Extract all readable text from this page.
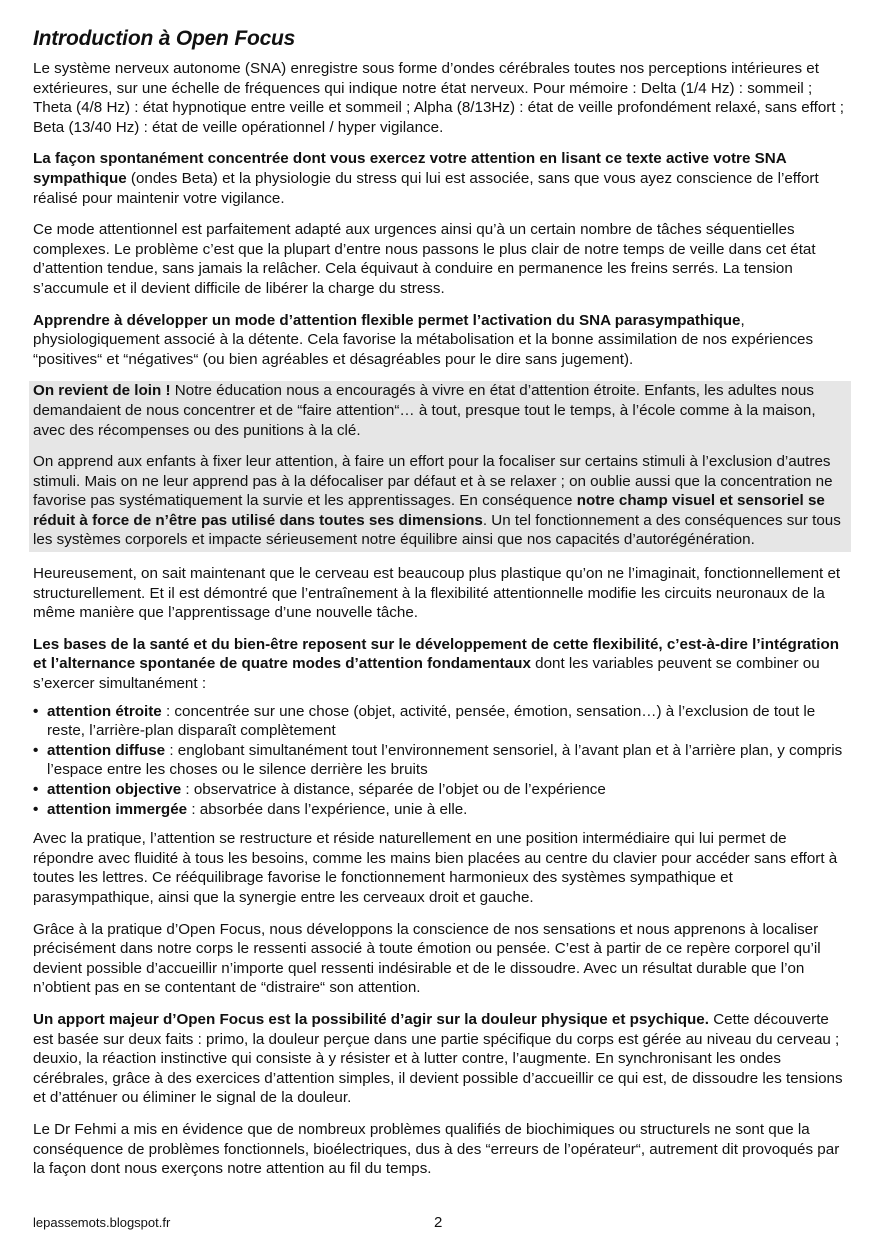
Introduction à Open Focus

Le système nerveux autonome (SNA) enregistre sous forme d’ondes cérébrales toutes nos perceptions intérieures et extérieures, sur une échelle de fréquences qui indique notre état nerveux. Pour mémoire : Delta (1/4 Hz) : sommeil ; Theta (4/8 Hz) : état hypnotique entre veille et sommeil ; Alpha (8/13Hz) : état de veille profondément relaxé, sans effort ; Beta (13/40 Hz) : état de veille opérationnel / hyper vigilance.

La façon spontanément concentrée dont vous exercez votre attention en lisant ce texte active votre SNA sympathique (ondes Beta) et la physiologie du stress qui lui est associée, sans que vous ayez conscience de l’effort réalisé pour maintenir votre vigilance.

Ce mode attentionnel est parfaitement adapté aux urgences ainsi qu’à un certain nombre de tâches séquentielles complexes. Le problème c’est que la plupart d’entre nous passons le plus clair de notre temps de veille dans cet état d’attention tendue, sans jamais la relâcher. Cela équivaut à conduire en permanence les freins serrés. La tension s’accumule et il devient difficile de libérer la charge du stress.

Apprendre à développer un mode d’attention flexible permet l’activation du SNA parasympathique, physiologiquement associé à la détente. Cela favorise la métabolisation et la bonne assimilation de nos expériences “positives“ et “négatives“ (ou bien agréables et désagréables pour le dire sans jugement).

On revient de loin ! Notre éducation nous a encouragés à vivre en état d’attention étroite. Enfants, les adultes nous demandaient de nous concentrer et de “faire attention“… à tout, presque tout le temps, à l’école comme à la maison, avec des récompenses ou des punitions à la clé.

On apprend aux enfants à fixer leur attention, à faire un effort pour la focaliser sur certains stimuli à l’exclusion d’autres stimuli. Mais on ne leur apprend pas à la défocaliser par défaut et à se relaxer ; on oublie aussi que la concentration ne favorise pas systématiquement la survie et les apprentissages. En conséquence notre champ visuel et sensoriel se réduit à force de n’être pas utilisé dans toutes ses dimensions. Un tel fonctionnement a des conséquences sur tous les systèmes corporels et impacte sérieusement notre équilibre ainsi que nos capacités d’autorégénération.

Heureusement, on sait maintenant que le cerveau est beaucoup plus plastique qu’on ne l’imaginait, fonctionnellement et structurellement. Et il est démontré que l’entraînement à la flexibilité attentionnelle modifie les circuits neuronaux de la même manière que l’apprentissage d’une nouvelle tâche.

Les bases de la santé et du bien-être reposent sur le développement de cette flexibilité, c’est-à-dire l’intégration et l’alternance spontanée de quatre modes d’attention fondamentaux dont les variables peuvent se combiner ou s’exercer simultanément :

• attention étroite : concentrée sur une chose (objet, activité, pensée, émotion, sensation…) à l’exclusion de tout le reste, l’arrière-plan disparaît complètement
• attention diffuse : englobant simultanément tout l’environnement sensoriel, à l’avant plan et à l’arrière plan, y compris l’espace entre les choses ou le silence derrière les bruits
• attention objective : observatrice à distance, séparée de l’objet ou de l’expérience
• attention immergée : absorbée dans l’expérience, unie à elle.

Avec la pratique, l’attention se restructure et réside naturellement en une position intermédiaire qui lui permet de répondre avec fluidité à tous les besoins, comme les mains bien placées au centre du clavier pour accéder sans effort à toutes les lettres. Ce rééquilibrage favorise le fonctionnement harmonieux des systèmes sympathique et parasympathique, ainsi que la synergie entre les cerveaux droit et gauche.

Grâce à la pratique d’Open Focus, nous développons la conscience de nos sensations et nous apprenons à localiser précisément dans notre corps le ressenti associé à toute émotion ou pensée. C’est à partir de ce repère corporel qu’il devient possible d’accueillir n’importe quel ressenti indésirable et de le dissoudre. Avec un résultat durable que l’on n’obtient pas en se contentant de “distraire“ son attention.

Un apport majeur d’Open Focus est la possibilité d’agir sur la douleur physique et psychique. Cette découverte est basée sur deux faits : primo, la douleur perçue dans une partie spécifique du corps est gérée au niveau du cerveau ; deuxio, la réaction instinctive qui consiste à y résister et à lutter contre, l’augmente. En synchronisant les ondes cérébrales, grâce à des exercices d’attention simples, il devient possible d’accueillir ce qui est, de dissoudre les tensions et d’atténuer ou éliminer le signal de la douleur.

Le Dr Fehmi a mis en évidence que de nombreux problèmes qualifiés de biochimiques ou structurels ne sont que la conséquence de problèmes fonctionnels, bioélectriques, dus à des “erreurs de l’opérateur“, autrement dit provoqués par la façon dont nous exerçons notre attention au fil du temps.

lepassemots.blogspot.fr	2
